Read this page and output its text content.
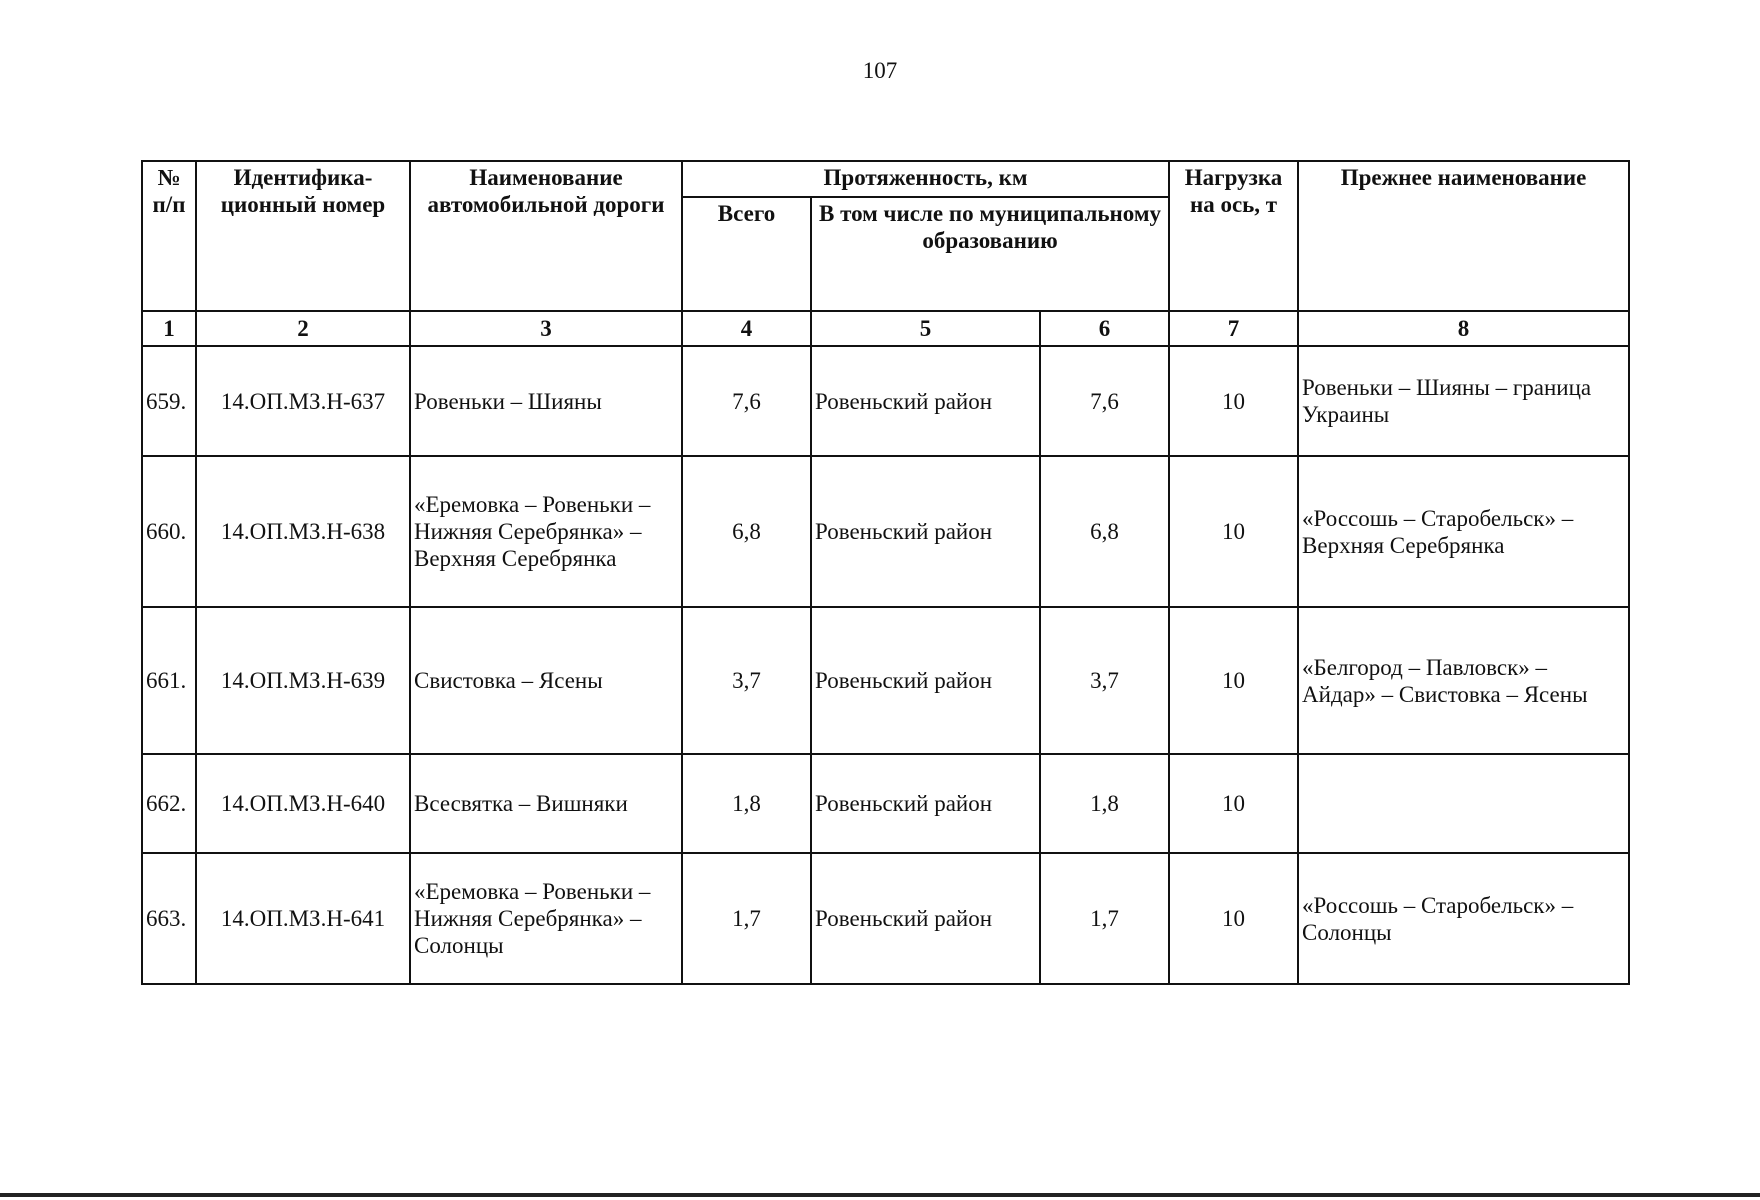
107
№ п/п	Идентифика-ционный номер	Наименование автомобильной дороги	Протяженность, км			Нагрузка на ось, т	Прежнее наименование
			Всего	В том числе по муниципальному образованию			
1	2	3	4	5	6	7	8
659.	14.ОП.МЗ.Н-637	Ровеньки – Шияны	7,6	Ровеньский район	7,6	10	Ровеньки – Шияны – граница Украины
660.	14.ОП.МЗ.Н-638	«Еремовка – Ровеньки – Нижняя Серебрянка» – Верхняя Серебрянка	6,8	Ровеньский район	6,8	10	«Россошь – Старобельск» – Верхняя Серебрянка
661.	14.ОП.МЗ.Н-639	Свистовка – Ясены	3,7	Ровеньский район	3,7	10	«Белгород – Павловск» – Айдар» – Свистовка – Ясены
662.	14.ОП.МЗ.Н-640	Всесвятка – Вишняки	1,8	Ровеньский район	1,8	10	
663.	14.ОП.МЗ.Н-641	«Еремовка – Ровеньки – Нижняя Серебрянка» – Солонцы	1,7	Ровеньский район	1,7	10	«Россошь – Старобельск» – Солонцы
